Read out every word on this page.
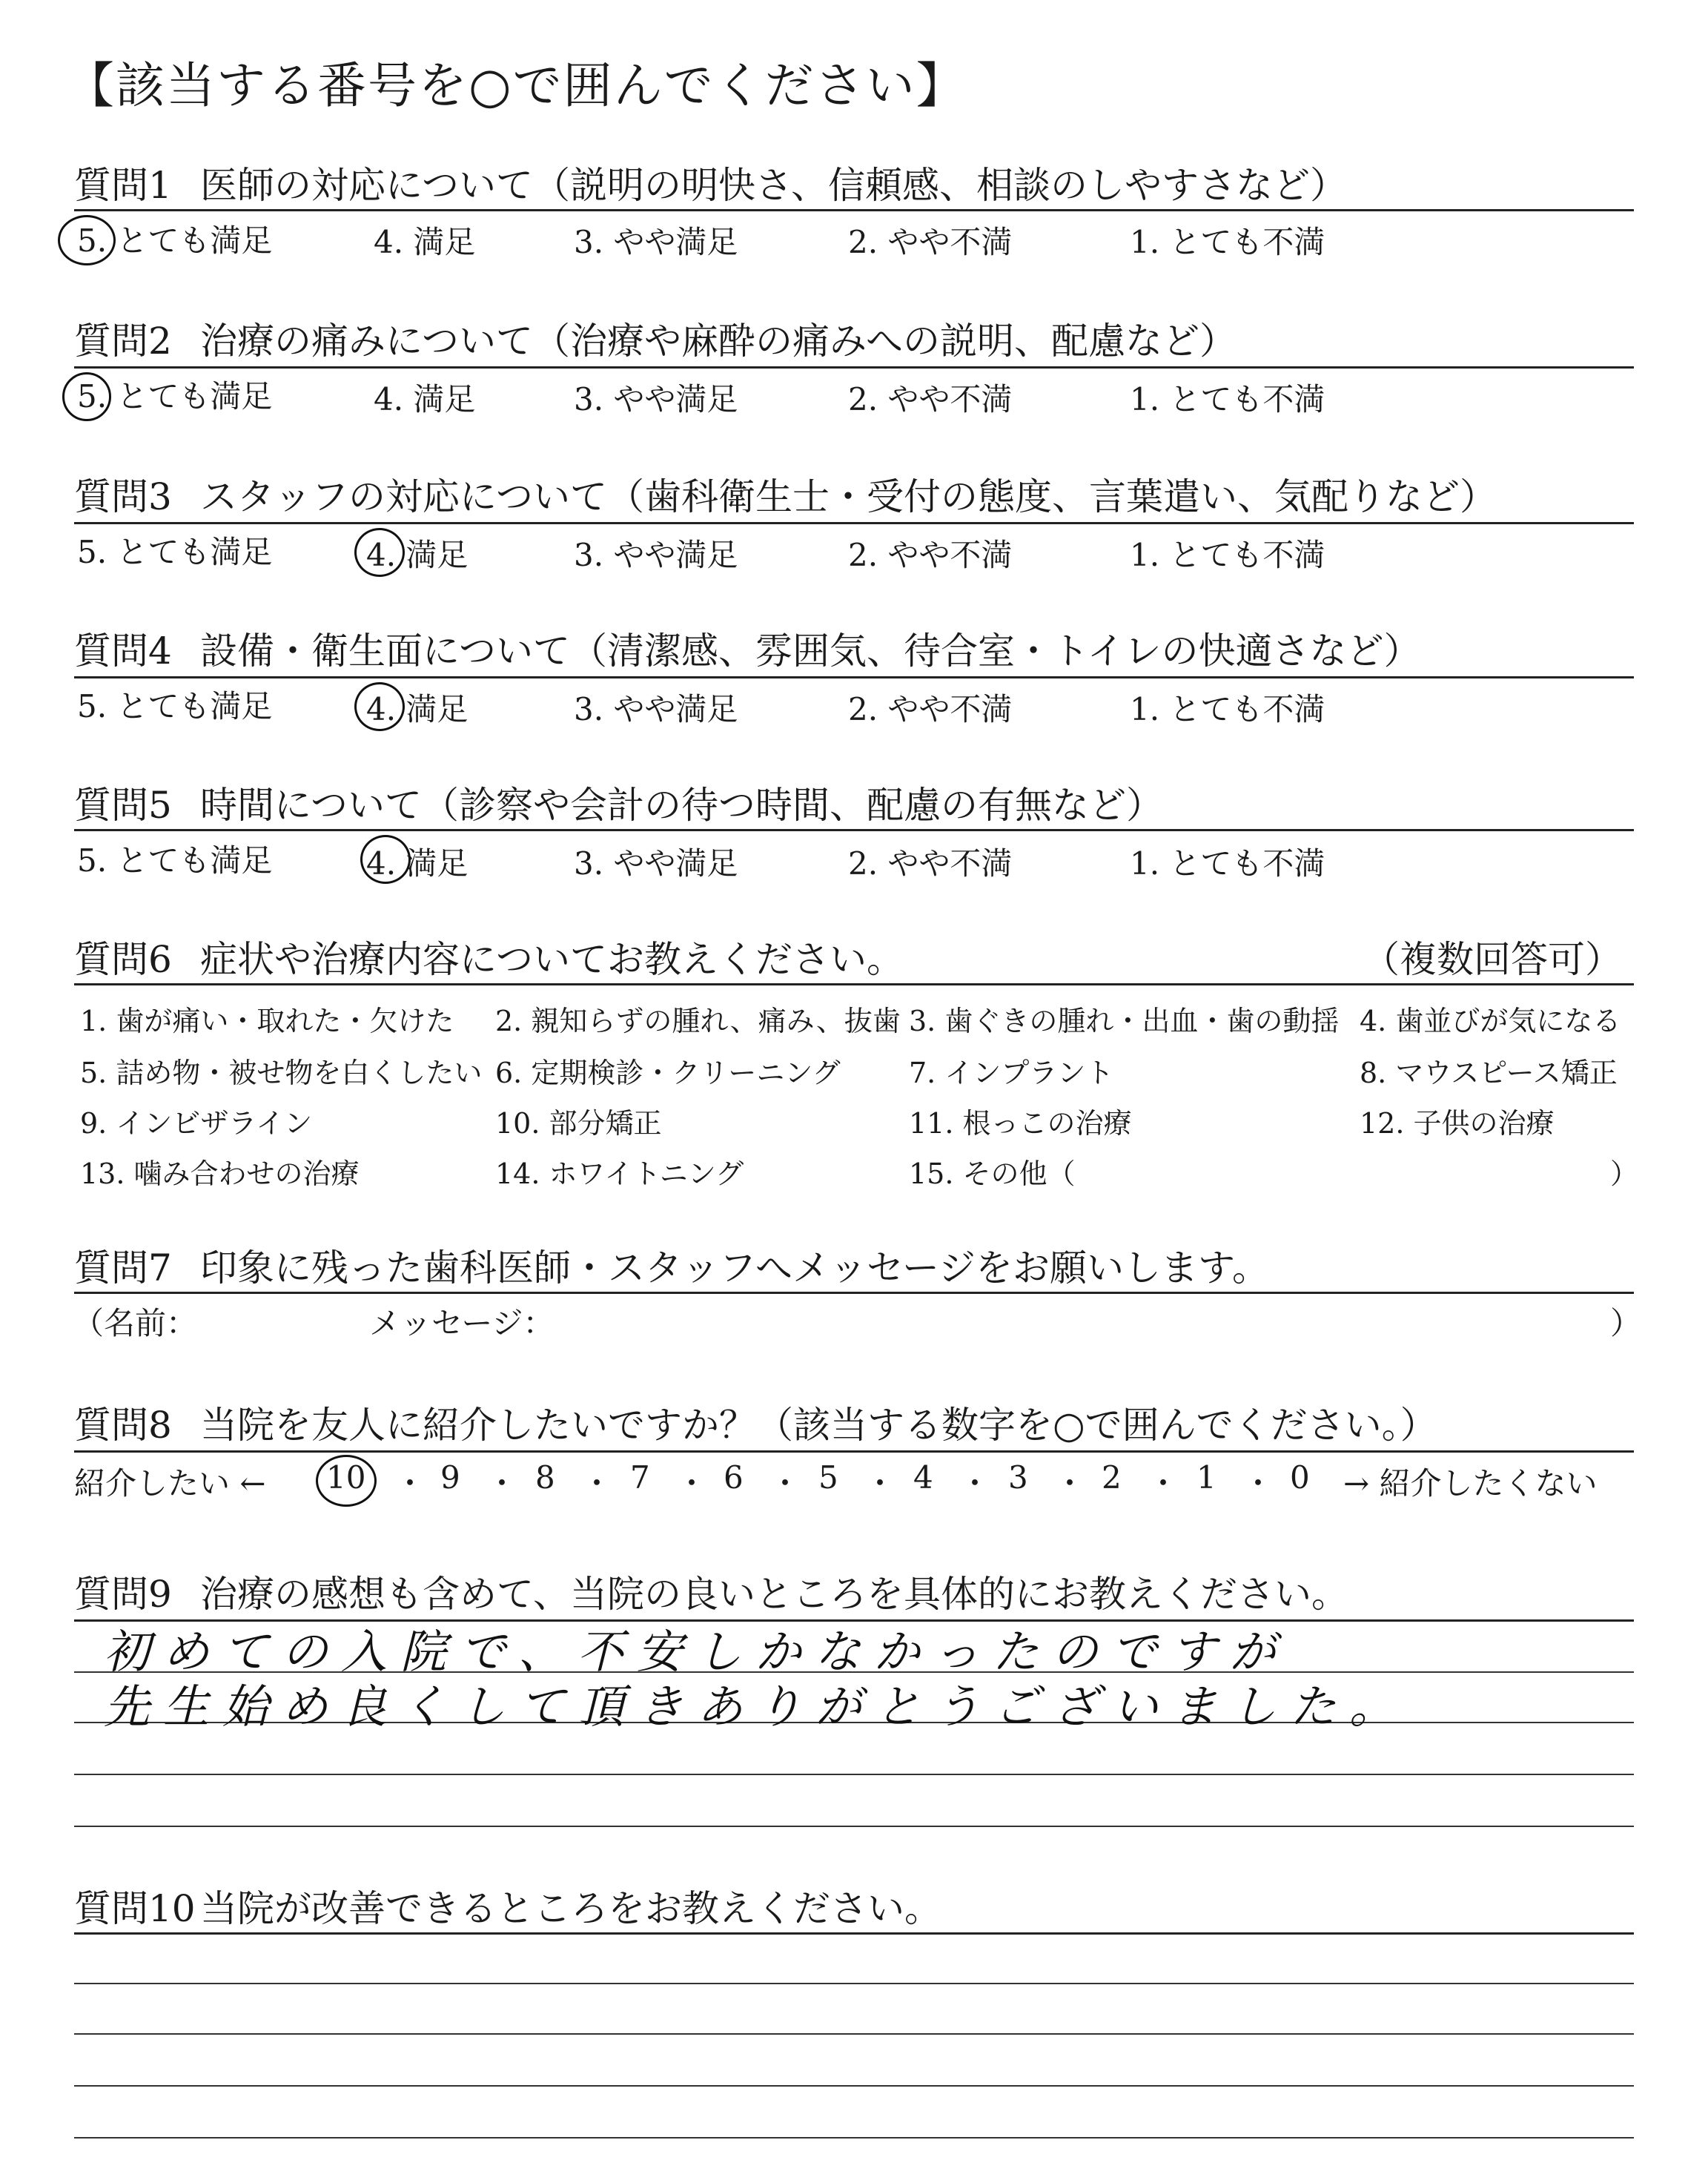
【該当する番号を○で囲んでください】
質問1 医師の対応について（説明の明快さ、信頼感、相談のしやすさなど）
5. とても満足	4. 満足	3. やや満足	2. やや不満	1. とても不満
質問2 治療の痛みについて（治療や麻酔の痛みへの説明、配慮など）
5. とても満足	4. 満足	3. やや満足	2. やや不満	1. とても不満
質問3 スタッフの対応について（歯科衛生士・受付の態度、言葉遣い、気配りなど）
5. とても満足	4. 満足	3. やや満足	2. やや不満	1. とても不満
質問4 設備・衛生面について（清潔感、雰囲気、待合室・トイレの快適さなど）
5. とても満足	4. 満足	3. やや満足	2. やや不満	1. とても不満
質問5 時間について（診察や会計の待つ時間、配慮の有無など）
5. とても満足	4. 満足	3. やや満足	2. やや不満	1. とても不満
質問6 症状や治療内容についてお教えください。	（複数回答可）
1. 歯が痛い・取れた・欠けた 2. 親知らずの腫れ、痛み、抜歯 3. 歯ぐきの腫れ・出血・歯の動揺 4. 歯並びが気になる
5. 詰め物・被せ物を白くしたい 6. 定期検診・クリーニング 7. インプラント	8. マウスピース矯正
9. インビザライン	10. 部分矯正	11. 根っこの治療	12. 子供の治療
13. 噛み合わせの治療	14. ホワイトニング	15. その他（	）
質問7 印象に残った歯科医師・スタッフへメッセージをお願いします。
（名前：	メッセージ：	）
質問8 当院を友人に紹介したいですか？（該当する数字を○で囲んでください。）
紹介したい ← 10 ・ 9 ・ 8 ・ 7 ・ 6 ・ 5 ・ 4 ・ 3 ・ 2 ・ 1 ・ 0 → 紹介したくない
質問9 治療の感想も含めて、当院の良いところを具体的にお教えください。
初めての入院で、不安しかなかったのですが
先生始め良くして頂きありがとうございました。
質問10 当院が改善できるところをお教えください。
